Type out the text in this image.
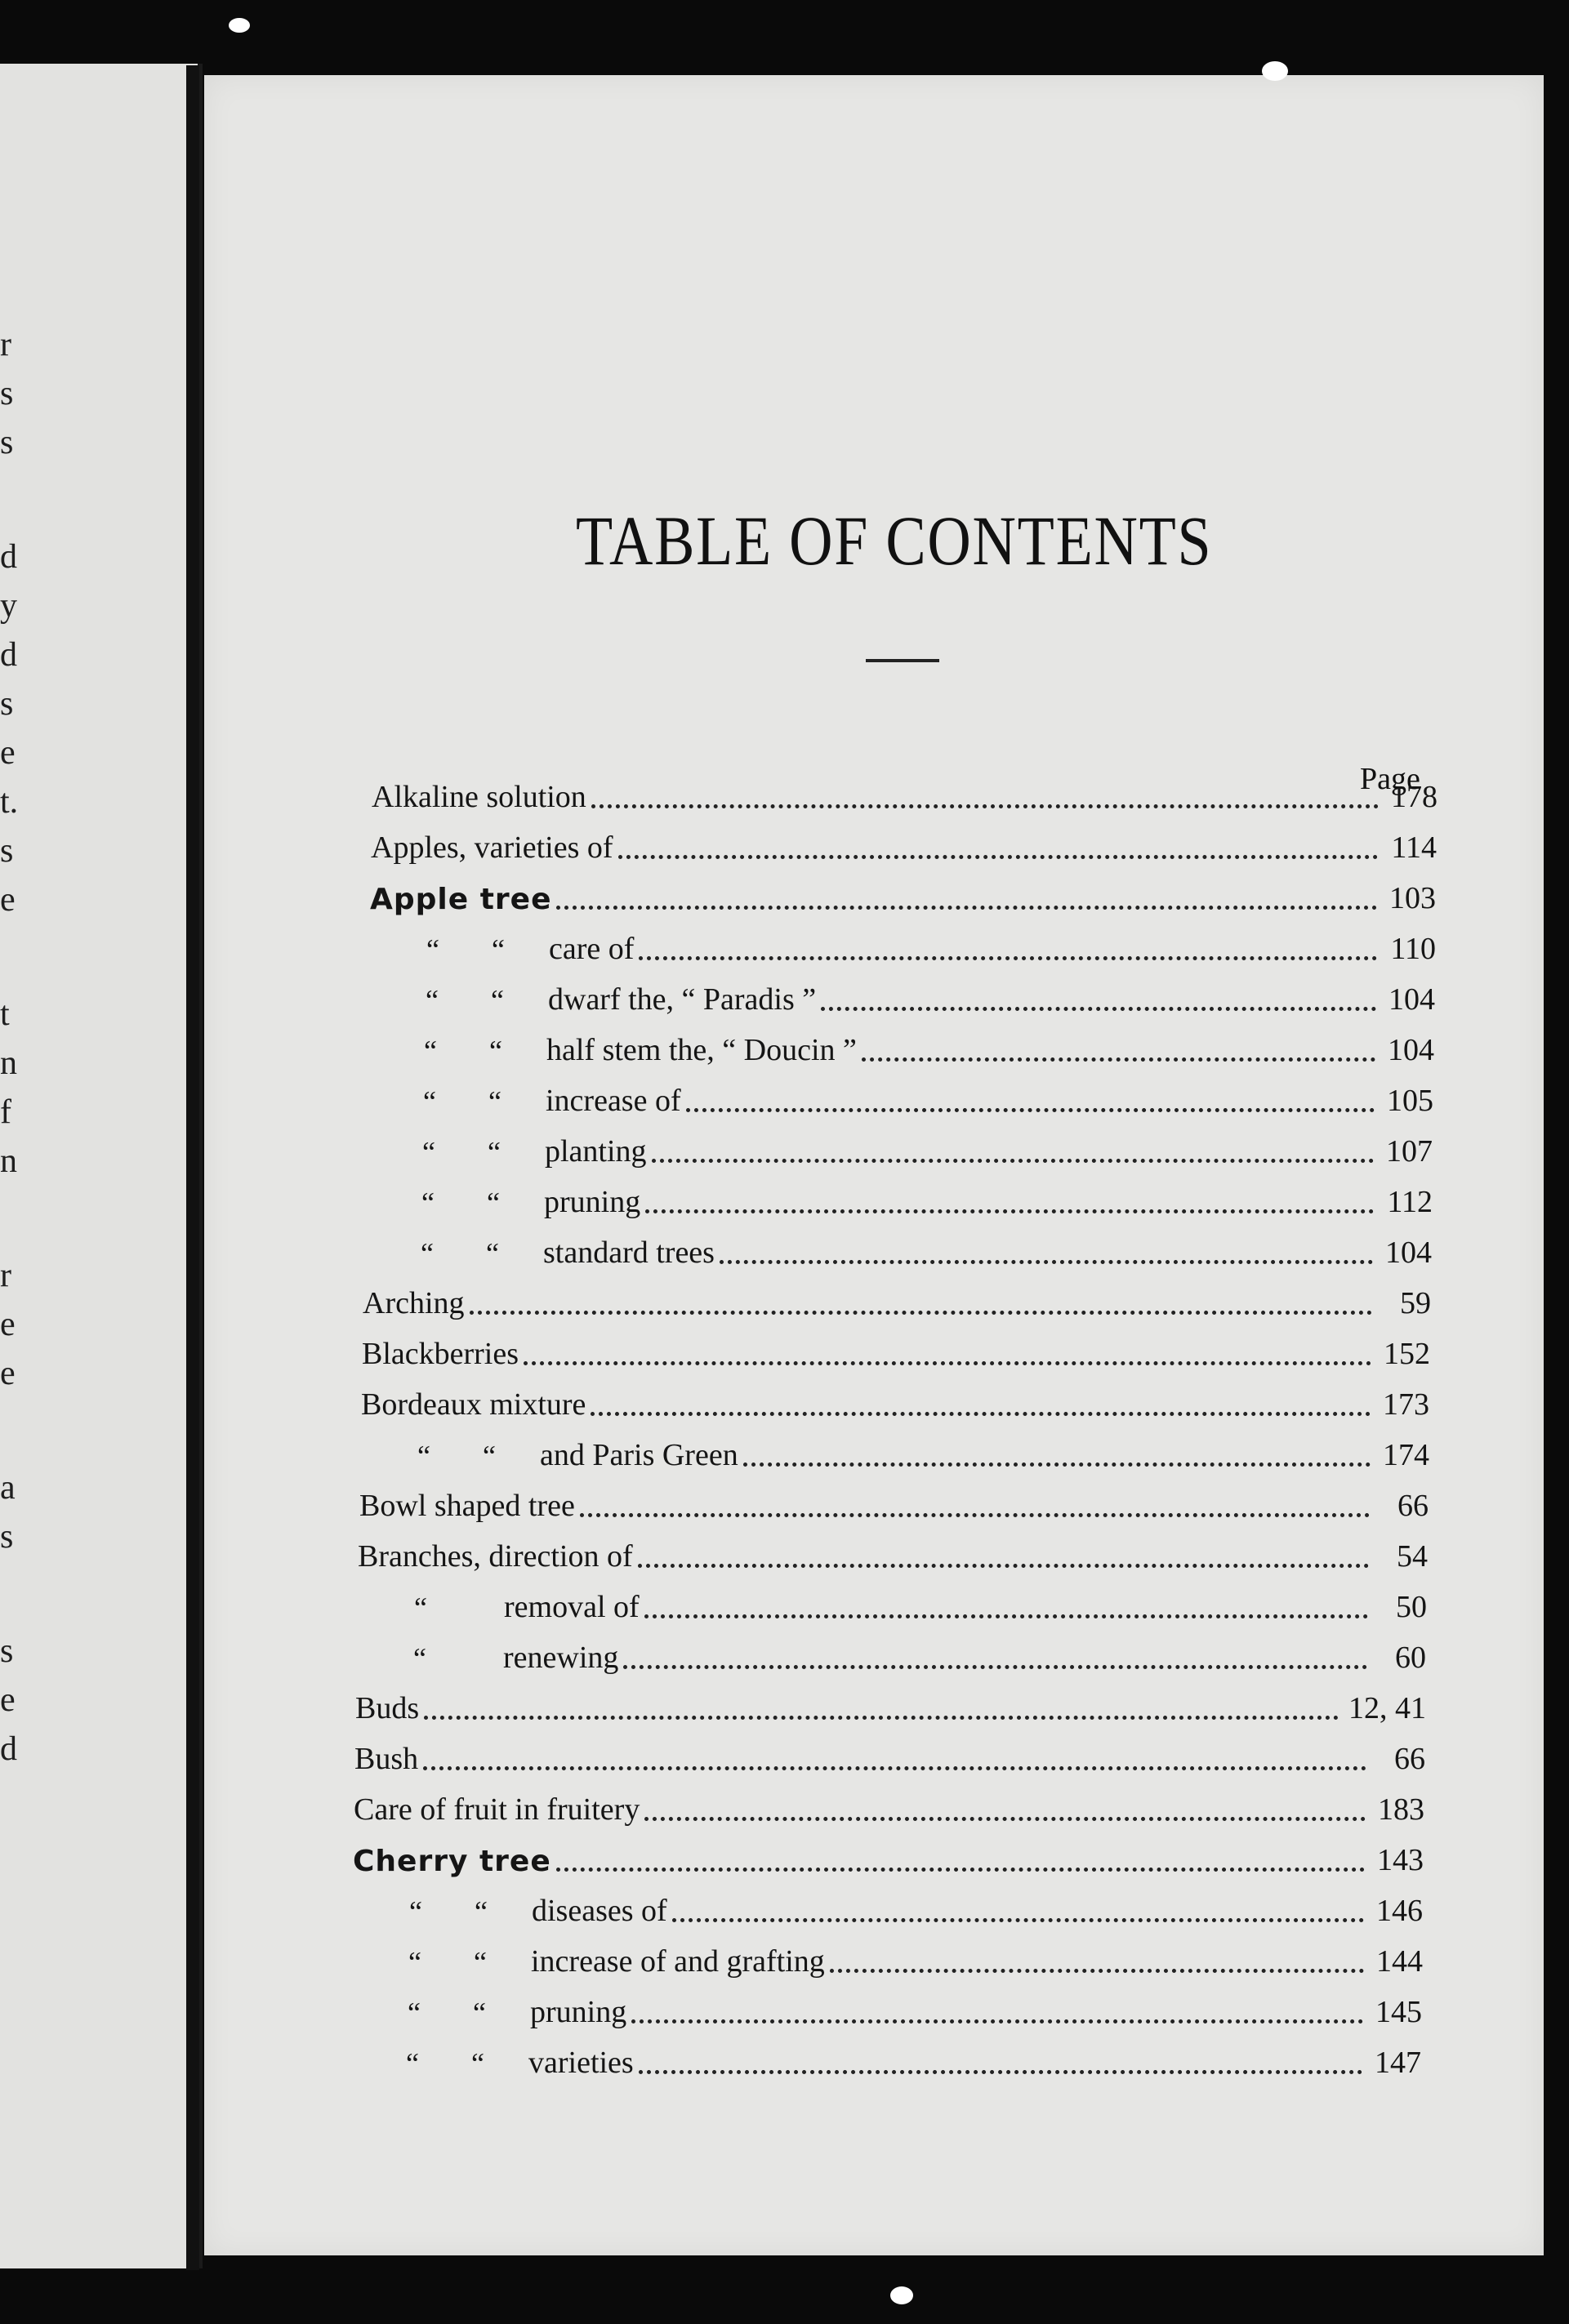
r
s
s
d
y
d
s
e
t.
s
e
t
n
f
n
r
e
e
a
s
s
e
d
TABLE OF CONTENTS
Page
Alkaline solution	178
Apples, varieties of	114
Apple tree	103
“	“	care of	110
“	“	dwarf the, “ Paradis ”	104
“	“	half stem the, “ Doucin ”	104
“	“	increase of	105
“	“	planting	107
“	“	pruning	112
“	“	standard trees	104
Arching	59
Blackberries	152
Bordeaux mixture	173
“	“	and Paris Green	174
Bowl shaped tree	66
Branches, direction of	54
“	removal of	50
“	renewing	60
Buds	12, 41
Bush	66
Care of fruit in fruitery	183
Cherry tree	143
“	“	diseases of	146
“	“	increase of and grafting	144
“	“	pruning	145
“	“	varieties	147
